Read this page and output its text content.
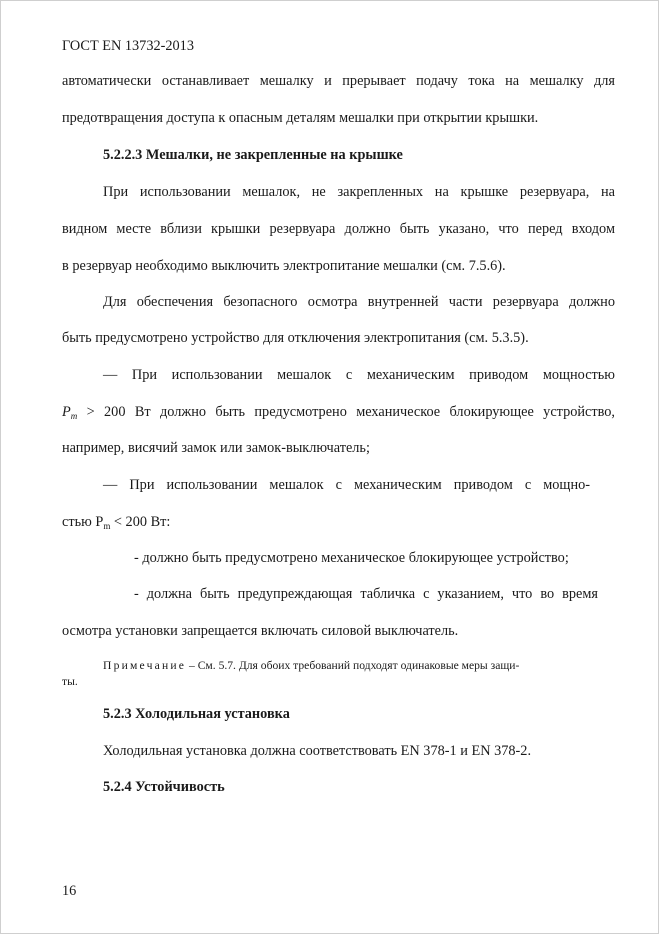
ГОСТ EN 13732-2013
автоматически останавливает мешалку и прерывает подачу тока на мешалку для
предотвращения доступа к опасным деталям мешалки при открытии крышки.
5.2.2.3 Мешалки, не закрепленные на крышке
При использовании мешалок, не закрепленных на крышке резервуара, на
видном месте вблизи крышки резервуара должно быть указано, что перед входом
в резервуар необходимо выключить электропитание мешалки (см. 7.5.6).
Для обеспечения безопасного осмотра внутренней части резервуара должно
быть предусмотрено устройство для отключения электропитания (см. 5.3.5).
— При использовании мешалок с механическим приводом мощностью
$P_m > 200$ Вт должно быть предусмотрено механическое блокирующее устройство,
например, висячий замок или замок-выключатель;
— При использовании мешалок с механическим приводом с мощно-
стью $P_m < 200$ Вт:
- должно быть предусмотрено механическое блокирующее устройство;
- должна быть предупреждающая табличка с указанием, что во время
осмотра установки запрещается включать силовой выключатель.
Примечание – См. 5.7. Для обоих требований подходят одинаковые меры защи-
ты.
5.2.3 Холодильная установка
Холодильная установка должна соответствовать EN 378-1 и EN 378-2.
5.2.4 Устойчивость
16
